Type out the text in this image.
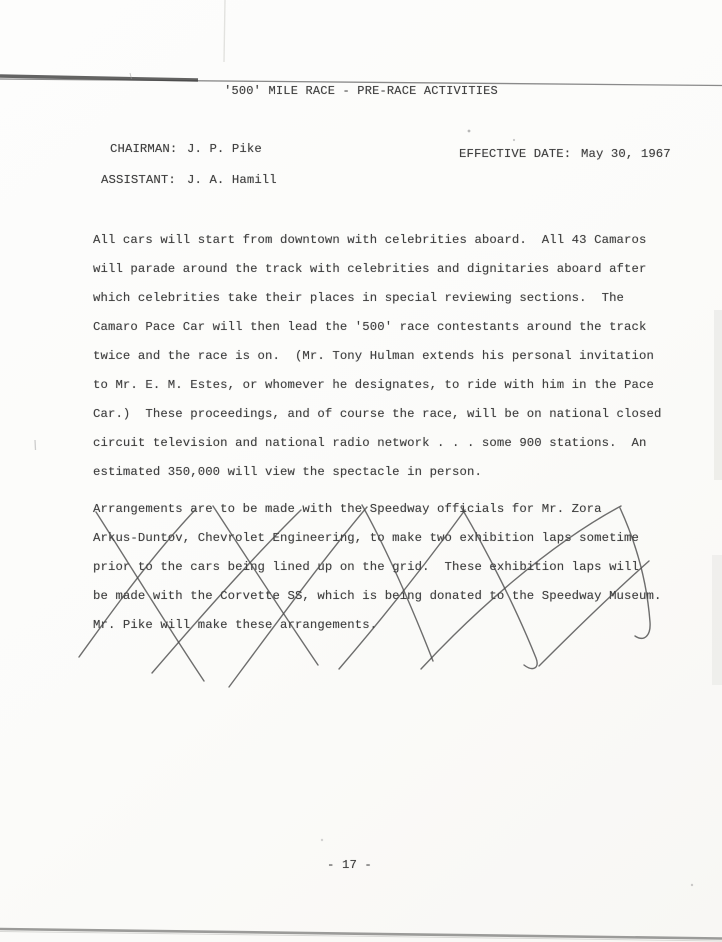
'500' MILE RACE - PRE-RACE ACTIVITIES
CHAIRMAN: J. P. Pike	EFFECTIVE DATE: May 30, 1967
ASSISTANT: J. A. Hamill
All cars will start from downtown with celebrities aboard.  All 43 Camaros
will parade around the track with celebrities and dignitaries aboard after
which celebrities take their places in special reviewing sections.  The
Camaro Pace Car will then lead the '500' race contestants around the track
twice and the race is on.  (Mr. Tony Hulman extends his personal invitation
to Mr. E. M. Estes, or whomever he designates, to ride with him in the Pace
Car.)  These proceedings, and of course the race, will be on national closed
circuit television and national radio network . . . some 900 stations.  An
estimated 350,000 will view the spectacle in person.
Arrangements are to be made with the Speedway officials for Mr. Zora
Arkus-Duntov, Chevrolet Engineering, to make two exhibition laps sometime
prior to the cars being lined up on the grid.  These exhibition laps will
be made with the Corvette SS, which is being donated to the Speedway Museum.
Mr. Pike will make these arrangements.
- 17 -
